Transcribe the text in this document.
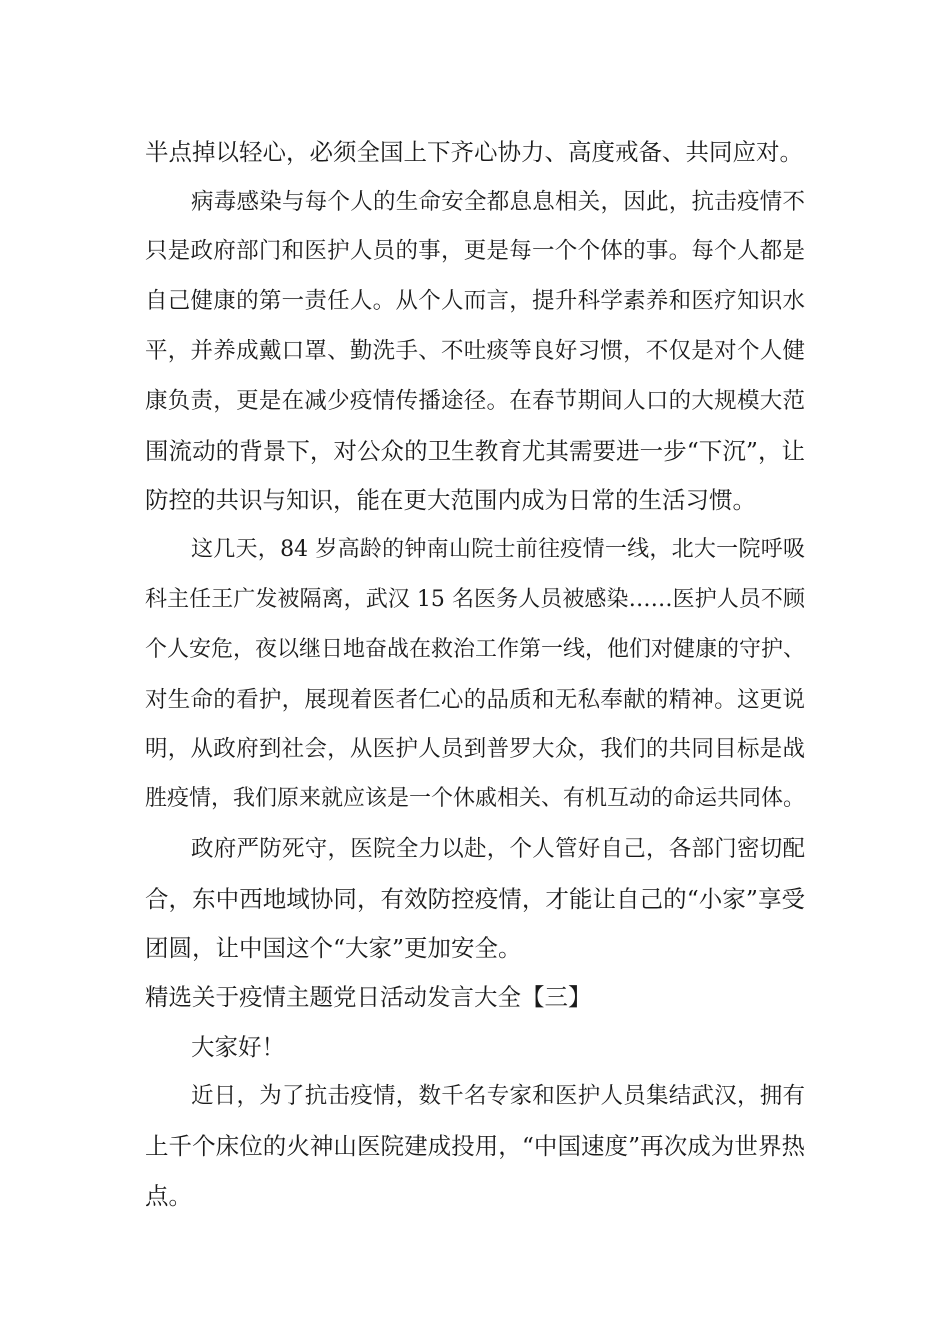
半点掉以轻心，必须全国上下齐心协力、高度戒备、共同应对。
病毒感染与每个人的生命安全都息息相关，因此，抗击疫情不
只是政府部门和医护人员的事，更是每一个个体的事。每个人都是
自己健康的第一责任人。从个人而言，提升科学素养和医疗知识水
平，并养成戴口罩、勤洗手、不吐痰等良好习惯，不仅是对个人健
康负责，更是在减少疫情传播途径。在春节期间人口的大规模大范
围流动的背景下，对公众的卫生教育尤其需要进一步“下沉”，让
防控的共识与知识，能在更大范围内成为日常的生活习惯。
这几天，84 岁高龄的钟南山院士前往疫情一线，北大一院呼吸
科主任王广发被隔离，武汉 15 名医务人员被感染……医护人员不顾
个人安危，夜以继日地奋战在救治工作第一线，他们对健康的守护、
对生命的看护，展现着医者仁心的品质和无私奉献的精神。这更说
明，从政府到社会，从医护人员到普罗大众，我们的共同目标是战
胜疫情，我们原来就应该是一个休戚相关、有机互动的命运共同体。
政府严防死守，医院全力以赴，个人管好自己，各部门密切配
合，东中西地域协同，有效防控疫情，才能让自己的“小家”享受
团圆，让中国这个“大家”更加安全。
精选关于疫情主题党日活动发言大全【三】
大家好！
近日，为了抗击疫情，数千名专家和医护人员集结武汉，拥有
上千个床位的火神山医院建成投用，“中国速度”再次成为世界热
点。
